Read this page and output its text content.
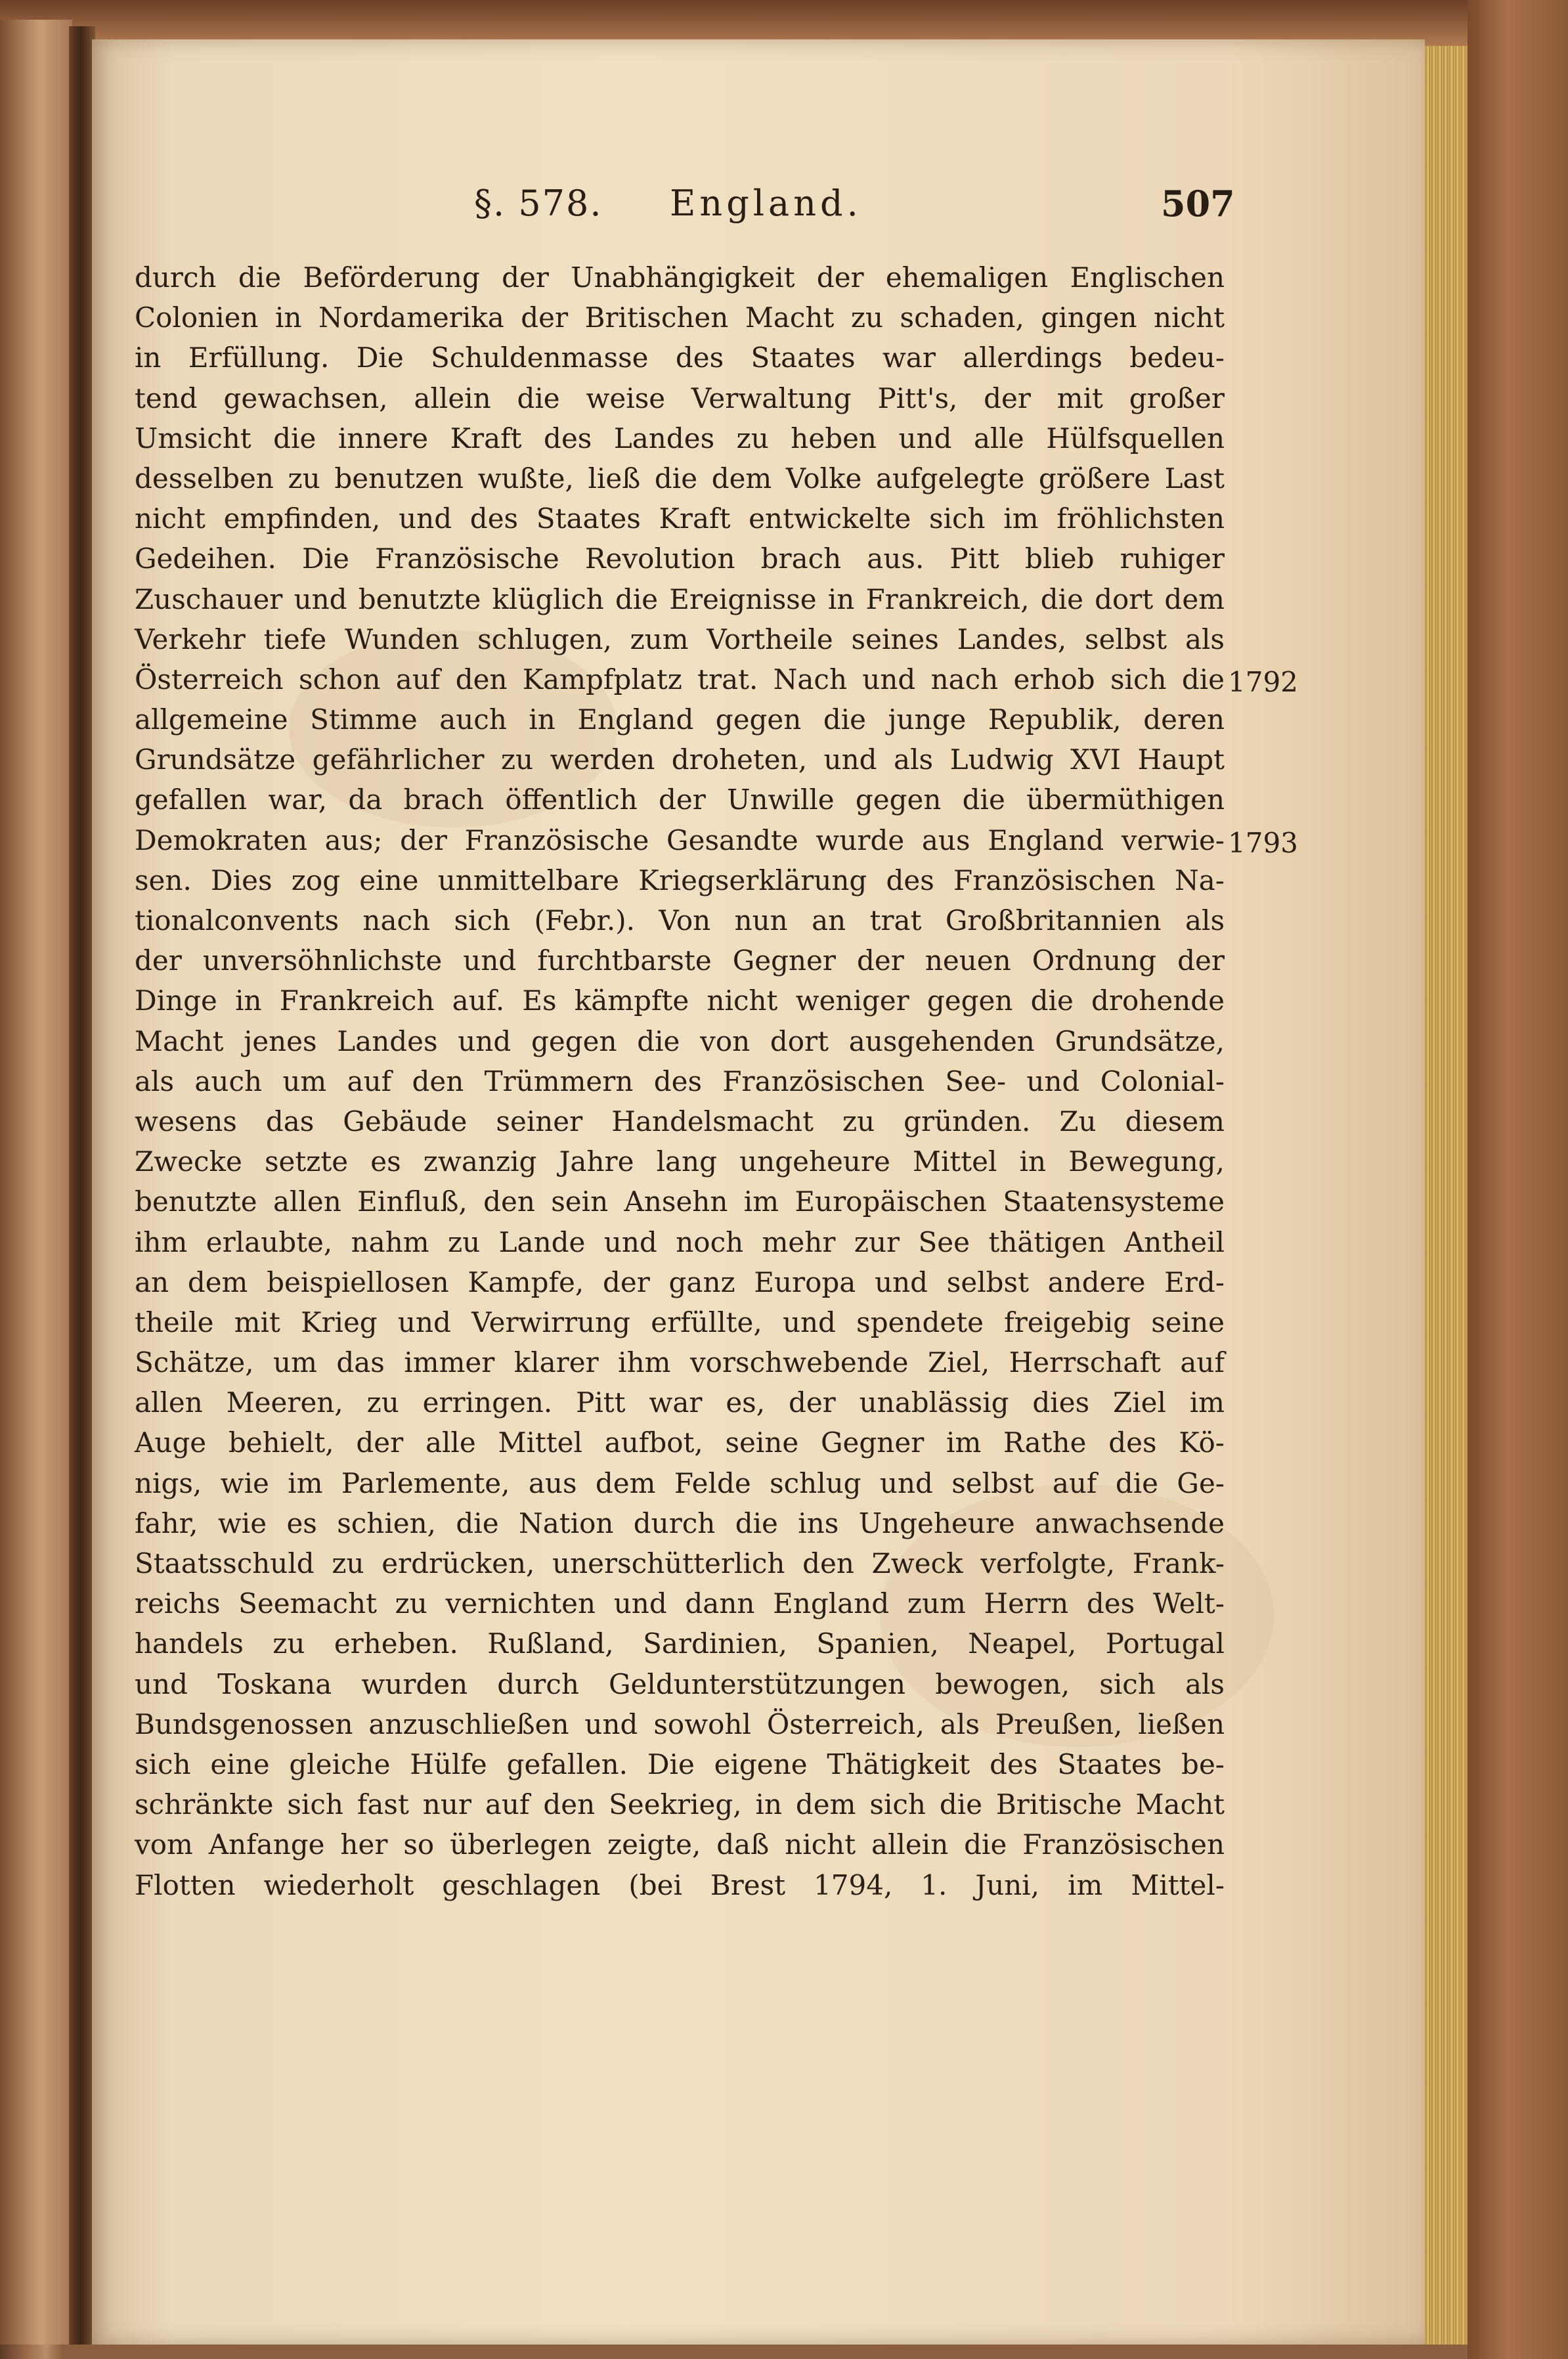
§. 578. England.	507
durch die Beförderung der Unabhängigkeit der ehemaligen Englischen
Colonien in Nordamerika der Britischen Macht zu schaden, gingen nicht
in Erfüllung. Die Schuldenmasse des Staates war allerdings bedeu-
tend gewachsen, allein die weise Verwaltung Pitt's, der mit großer
Umsicht die innere Kraft des Landes zu heben und alle Hülfsquellen
desselben zu benutzen wußte, ließ die dem Volke aufgelegte größere Last
nicht empfinden, und des Staates Kraft entwickelte sich im fröhlichsten
Gedeihen. Die Französische Revolution brach aus. Pitt blieb ruhiger
Zuschauer und benutzte klüglich die Ereignisse in Frankreich, die dort dem
Verkehr tiefe Wunden schlugen, zum Vortheile seines Landes, selbst als
Österreich schon auf den Kampfplatz trat. Nach und nach erhob sich die
allgemeine Stimme auch in England gegen die junge Republik, deren
Grundsätze gefährlicher zu werden droheten, und als Ludwig XVI Haupt
gefallen war, da brach öffentlich der Unwille gegen die übermüthigen
Demokraten aus; der Französische Gesandte wurde aus England verwie-
sen. Dies zog eine unmittelbare Kriegserklärung des Französischen Na-
tionalconvents nach sich (Febr.). Von nun an trat Großbritannien als
der unversöhnlichste und furchtbarste Gegner der neuen Ordnung der
Dinge in Frankreich auf. Es kämpfte nicht weniger gegen die drohende
Macht jenes Landes und gegen die von dort ausgehenden Grundsätze,
als auch um auf den Trümmern des Französischen See- und Colonial-
wesens das Gebäude seiner Handelsmacht zu gründen. Zu diesem
Zwecke setzte es zwanzig Jahre lang ungeheure Mittel in Bewegung,
benutzte allen Einfluß, den sein Ansehn im Europäischen Staatensysteme
ihm erlaubte, nahm zu Lande und noch mehr zur See thätigen Antheil
an dem beispiellosen Kampfe, der ganz Europa und selbst andere Erd-
theile mit Krieg und Verwirrung erfüllte, und spendete freigebig seine
Schätze, um das immer klarer ihm vorschwebende Ziel, Herrschaft auf
allen Meeren, zu erringen. Pitt war es, der unablässig dies Ziel im
Auge behielt, der alle Mittel aufbot, seine Gegner im Rathe des Kö-
nigs, wie im Parlemente, aus dem Felde schlug und selbst auf die Ge-
fahr, wie es schien, die Nation durch die ins Ungeheure anwachsende
Staatsschuld zu erdrücken, unerschütterlich den Zweck verfolgte, Frank-
reichs Seemacht zu vernichten und dann England zum Herrn des Welt-
handels zu erheben. Rußland, Sardinien, Spanien, Neapel, Portugal
und Toskana wurden durch Geldunterstützungen bewogen, sich als
Bundsgenossen anzuschließen und sowohl Österreich, als Preußen, ließen
sich eine gleiche Hülfe gefallen. Die eigene Thätigkeit des Staates be-
schränkte sich fast nur auf den Seekrieg, in dem sich die Britische Macht
vom Anfange her so überlegen zeigte, daß nicht allein die Französischen
Flotten wiederholt geschlagen (bei Brest 1794, 1. Juni, im Mittel-
1792
1793
